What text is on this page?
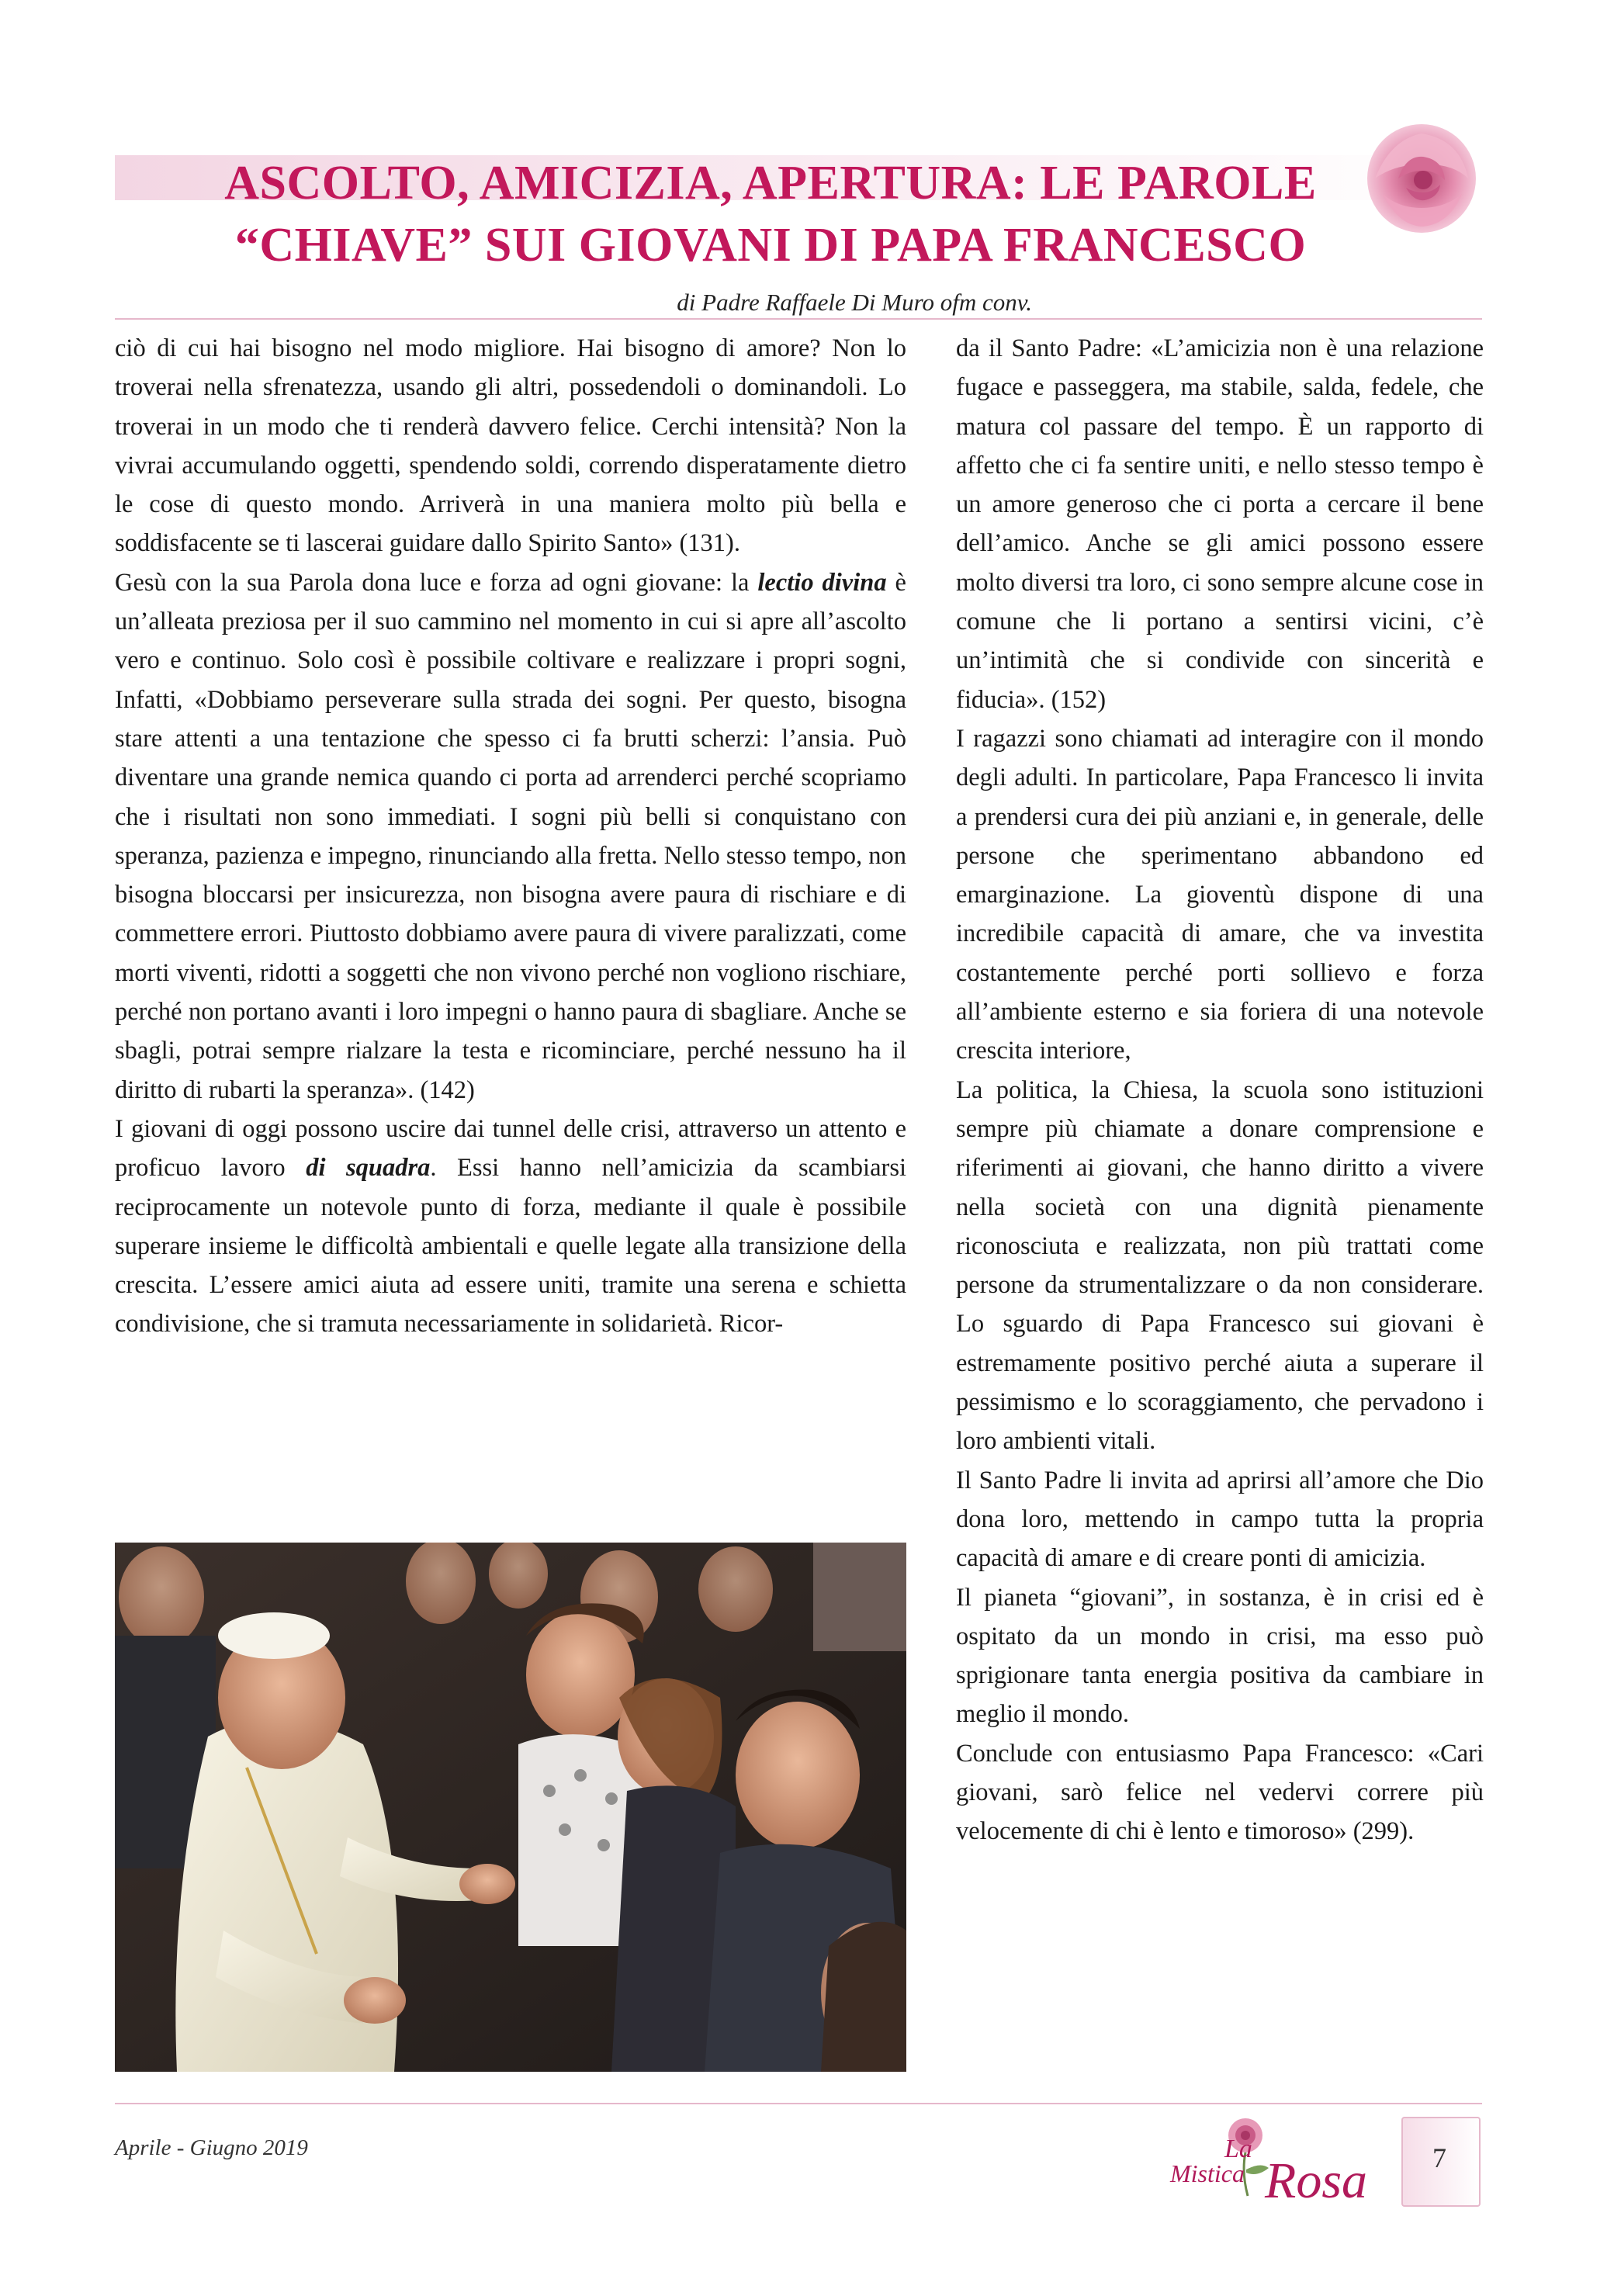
ASCOLTO, AMICIZIA, APERTURA: LE PAROLE
“CHIAVE” SUI GIOVANI DI PAPA FRANCESCO
di Padre Raffaele Di Muro ofm conv.

ciò di cui hai bisogno nel modo migliore. Hai bisogno di amore? Non lo troverai nella sfrenatezza, usando gli altri, possedendoli o dominandoli. Lo troverai in un modo che ti renderà davvero felice. Cerchi intensità? Non la vivrai accumulando oggetti, spendendo soldi, correndo disperatamente dietro le cose di questo mondo. Arriverà in una maniera molto più bella e soddisfacente se ti lascerai guidare dallo Spirito Santo» (131).

Gesù con la sua Parola dona luce e forza ad ogni giovane: la lectio divina è un’alleata preziosa per il suo cammino nel momento in cui si apre all’ascolto vero e continuo. Solo così è possibile coltivare e realizzare i propri sogni, Infatti, «Dobbiamo perseverare sulla strada dei sogni. Per questo, bisogna stare attenti a una tentazione che spesso ci fa brutti scherzi: l’ansia. Può diventare una grande nemica quando ci porta ad arrenderci perché scopriamo che i risultati non sono immediati. I sogni più belli si conquistano con speranza, pazienza e impegno, rinunciando alla fretta. Nello stesso tempo, non bisogna bloccarsi per insicurezza, non bisogna avere paura di rischiare e di commettere errori. Piuttosto dobbiamo avere paura di vivere paralizzati, come morti viventi, ridotti a soggetti che non vivono perché non vogliono rischiare, perché non portano avanti i loro impegni o hanno paura di sbagliare. Anche se sbagli, potrai sempre rialzare la testa e ricominciare, perché nessuno ha il diritto di rubarti la speranza». (142)

I giovani di oggi possono uscire dai tunnel delle crisi, attraverso un attento e proficuo lavoro di squadra. Essi hanno nell’amicizia da scambiarsi reciprocamente un notevole punto di forza, mediante il quale è possibile superare insieme le difficoltà ambientali e quelle legate alla transizione della crescita. L’essere amici aiuta ad essere uniti, tramite una serena e schietta condivisione, che si tramuta necessariamente in solidarietà. Ricor-

da il Santo Padre: «L’amicizia non è una relazione fugace e passeggera, ma stabile, salda, fedele, che matura col passare del tempo. È un rapporto di affetto che ci fa sentire uniti, e nello stesso tempo è un amore generoso che ci porta a cercare il bene dell’amico. Anche se gli amici possono essere molto diversi tra loro, ci sono sempre alcune cose in comune che li portano a sentirsi vicini, c’è un’intimità che si condivide con sincerità e fiducia». (152)

I ragazzi sono chiamati ad interagire con il mondo degli adulti. In particolare, Papa Francesco li invita a prendersi cura dei più anziani e, in generale, delle persone che sperimentano abbandono ed emarginazione. La gioventù dispone di una incredibile capacità di amare, che va investita costantemente perché porti sollievo e forza all’ambiente esterno e sia foriera di una notevole crescita interiore,

La politica, la Chiesa, la scuola sono istituzioni sempre più chiamate a donare comprensione e riferimenti ai giovani, che hanno diritto a vivere nella società con una dignità pienamente riconosciuta e realizzata, non più trattati come persone da strumentalizzare o da non considerare. Lo sguardo di Papa Francesco sui giovani è estremamente positivo perché aiuta a superare il pessimismo e lo scoraggiamento, che pervadono i loro ambienti vitali.

Il Santo Padre li invita ad aprirsi all’amore che Dio dona loro, mettendo in campo tutta la propria capacità di amare e di creare ponti di amicizia.

Il pianeta “giovani”, in sostanza, è in crisi ed è ospitato da un mondo in crisi, ma esso può sprigionare tanta energia positiva da cambiare in meglio il mondo.

Conclude con entusiasmo Papa Francesco: «Cari giovani, sarò felice nel vedervi correre più velocemente di chi è lento e timoroso» (299).

Aprile - Giugno 2019	La
Mistica Rosa	7
